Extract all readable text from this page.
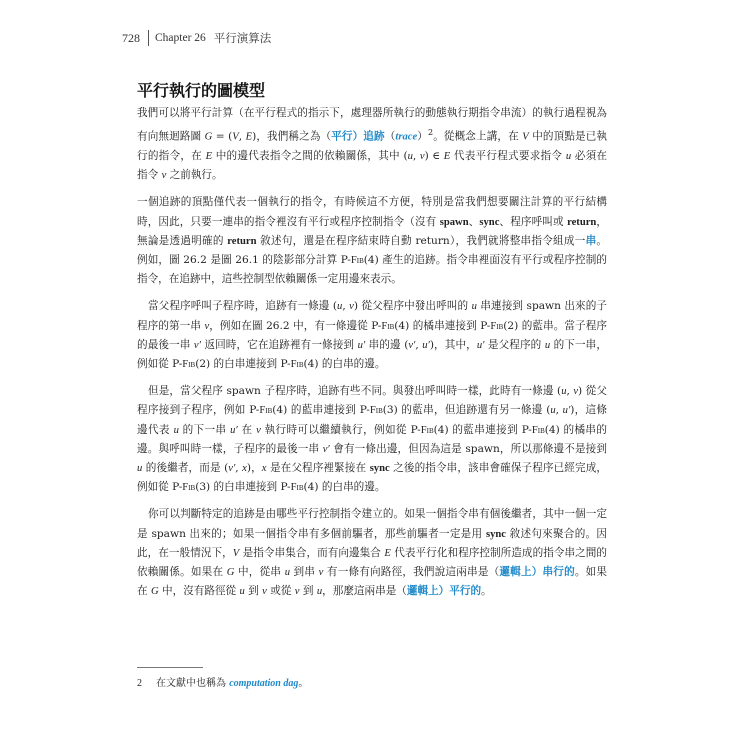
728 Chapter 26 平行演算法
平行執行的圖模型

我們可以將平行計算（在平行程式的指示下，處理器所執行的動態執行期指令串流）的執行過程視為有向無迴路圖 G = (V, E)，我們稱之為（平行）追跡（trace）$^2$。從概念上講，在 V 中的頂點是已執行的指令，在 E 中的邊代表指令之間的依賴關係，其中 (u, v) ∈ E 代表平行程式要求指令 u 必須在指令 v 之前執行。

一個追跡的頂點僅代表一個執行的指令，有時候這不方便，特別是當我們想要關注計算的平行結構時，因此，只要一連串的指令裡沒有平行或程序控制指令（沒有 spawn、sync、程序呼叫或 return，無論是透過明確的 return 敘述句，還是在程序結束時自動 return），我們就將整串指令組成一串。例如，圖 26.2 是圖 26.1 的陰影部分計算 P-Fib(4) 產生的追跡。指令串裡面沒有平行或程序控制的指令，在追跡中，這些控制型依賴關係一定用邊來表示。

當父程序呼叫子程序時，追跡有一條邊 (u, v) 從父程序中發出呼叫的 u 串連接到 spawn 出來的子程序的第一串 v，例如在圖 26.2 中，有一條邊從 P-Fib(4) 的橘串連接到 P-Fib(2) 的藍串。當子程序的最後一串 v′ 返回時，它在追跡裡有一條接到 u′ 串的邊 (v′, u′)，其中，u′ 是父程序的 u 的下一串，例如從 P-Fib(2) 的白串連接到 P-Fib(4) 的白串的邊。

但是，當父程序 spawn 子程序時，追跡有些不同。與發出呼叫時一樣，此時有一條邊 (u, v) 從父程序接到子程序，例如 P-Fib(4) 的藍串連接到 P-Fib(3) 的藍串，但追跡還有另一條邊 (u, u′)，這條邊代表 u 的下一串 u′ 在 v 執行時可以繼續執行，例如從 P-Fib(4) 的藍串連接到 P-Fib(4) 的橘串的邊。與呼叫時一樣，子程序的最後一串 v′ 會有一條出邊，但因為這是 spawn，所以那條邊不是接到 u 的後繼者，而是 (v′, x)，x 是在父程序裡緊接在 sync 之後的指令串，該串會確保子程序已經完成，例如從 P-Fib(3) 的白串連接到 P-Fib(4) 的白串的邊。

你可以判斷特定的追跡是由哪些平行控制指令建立的。如果一個指令串有個後繼者，其中一個一定是 spawn 出來的；如果一個指令串有多個前驅者，那些前驅者一定是用 sync 敘述句來聚合的。因此，在一般情況下，V 是指令串集合，而有向邊集合 E 代表平行化和程序控制所造成的指令串之間的依賴關係。如果在 G 中，從串 u 到串 v 有一條有向路徑，我們說這兩串是（邏輯上）串行的。如果在 G 中，沒有路徑從 u 到 v 或從 v 到 u，那麼這兩串是（邏輯上）平行的。

2 在文獻中也稱為 computation dag。
